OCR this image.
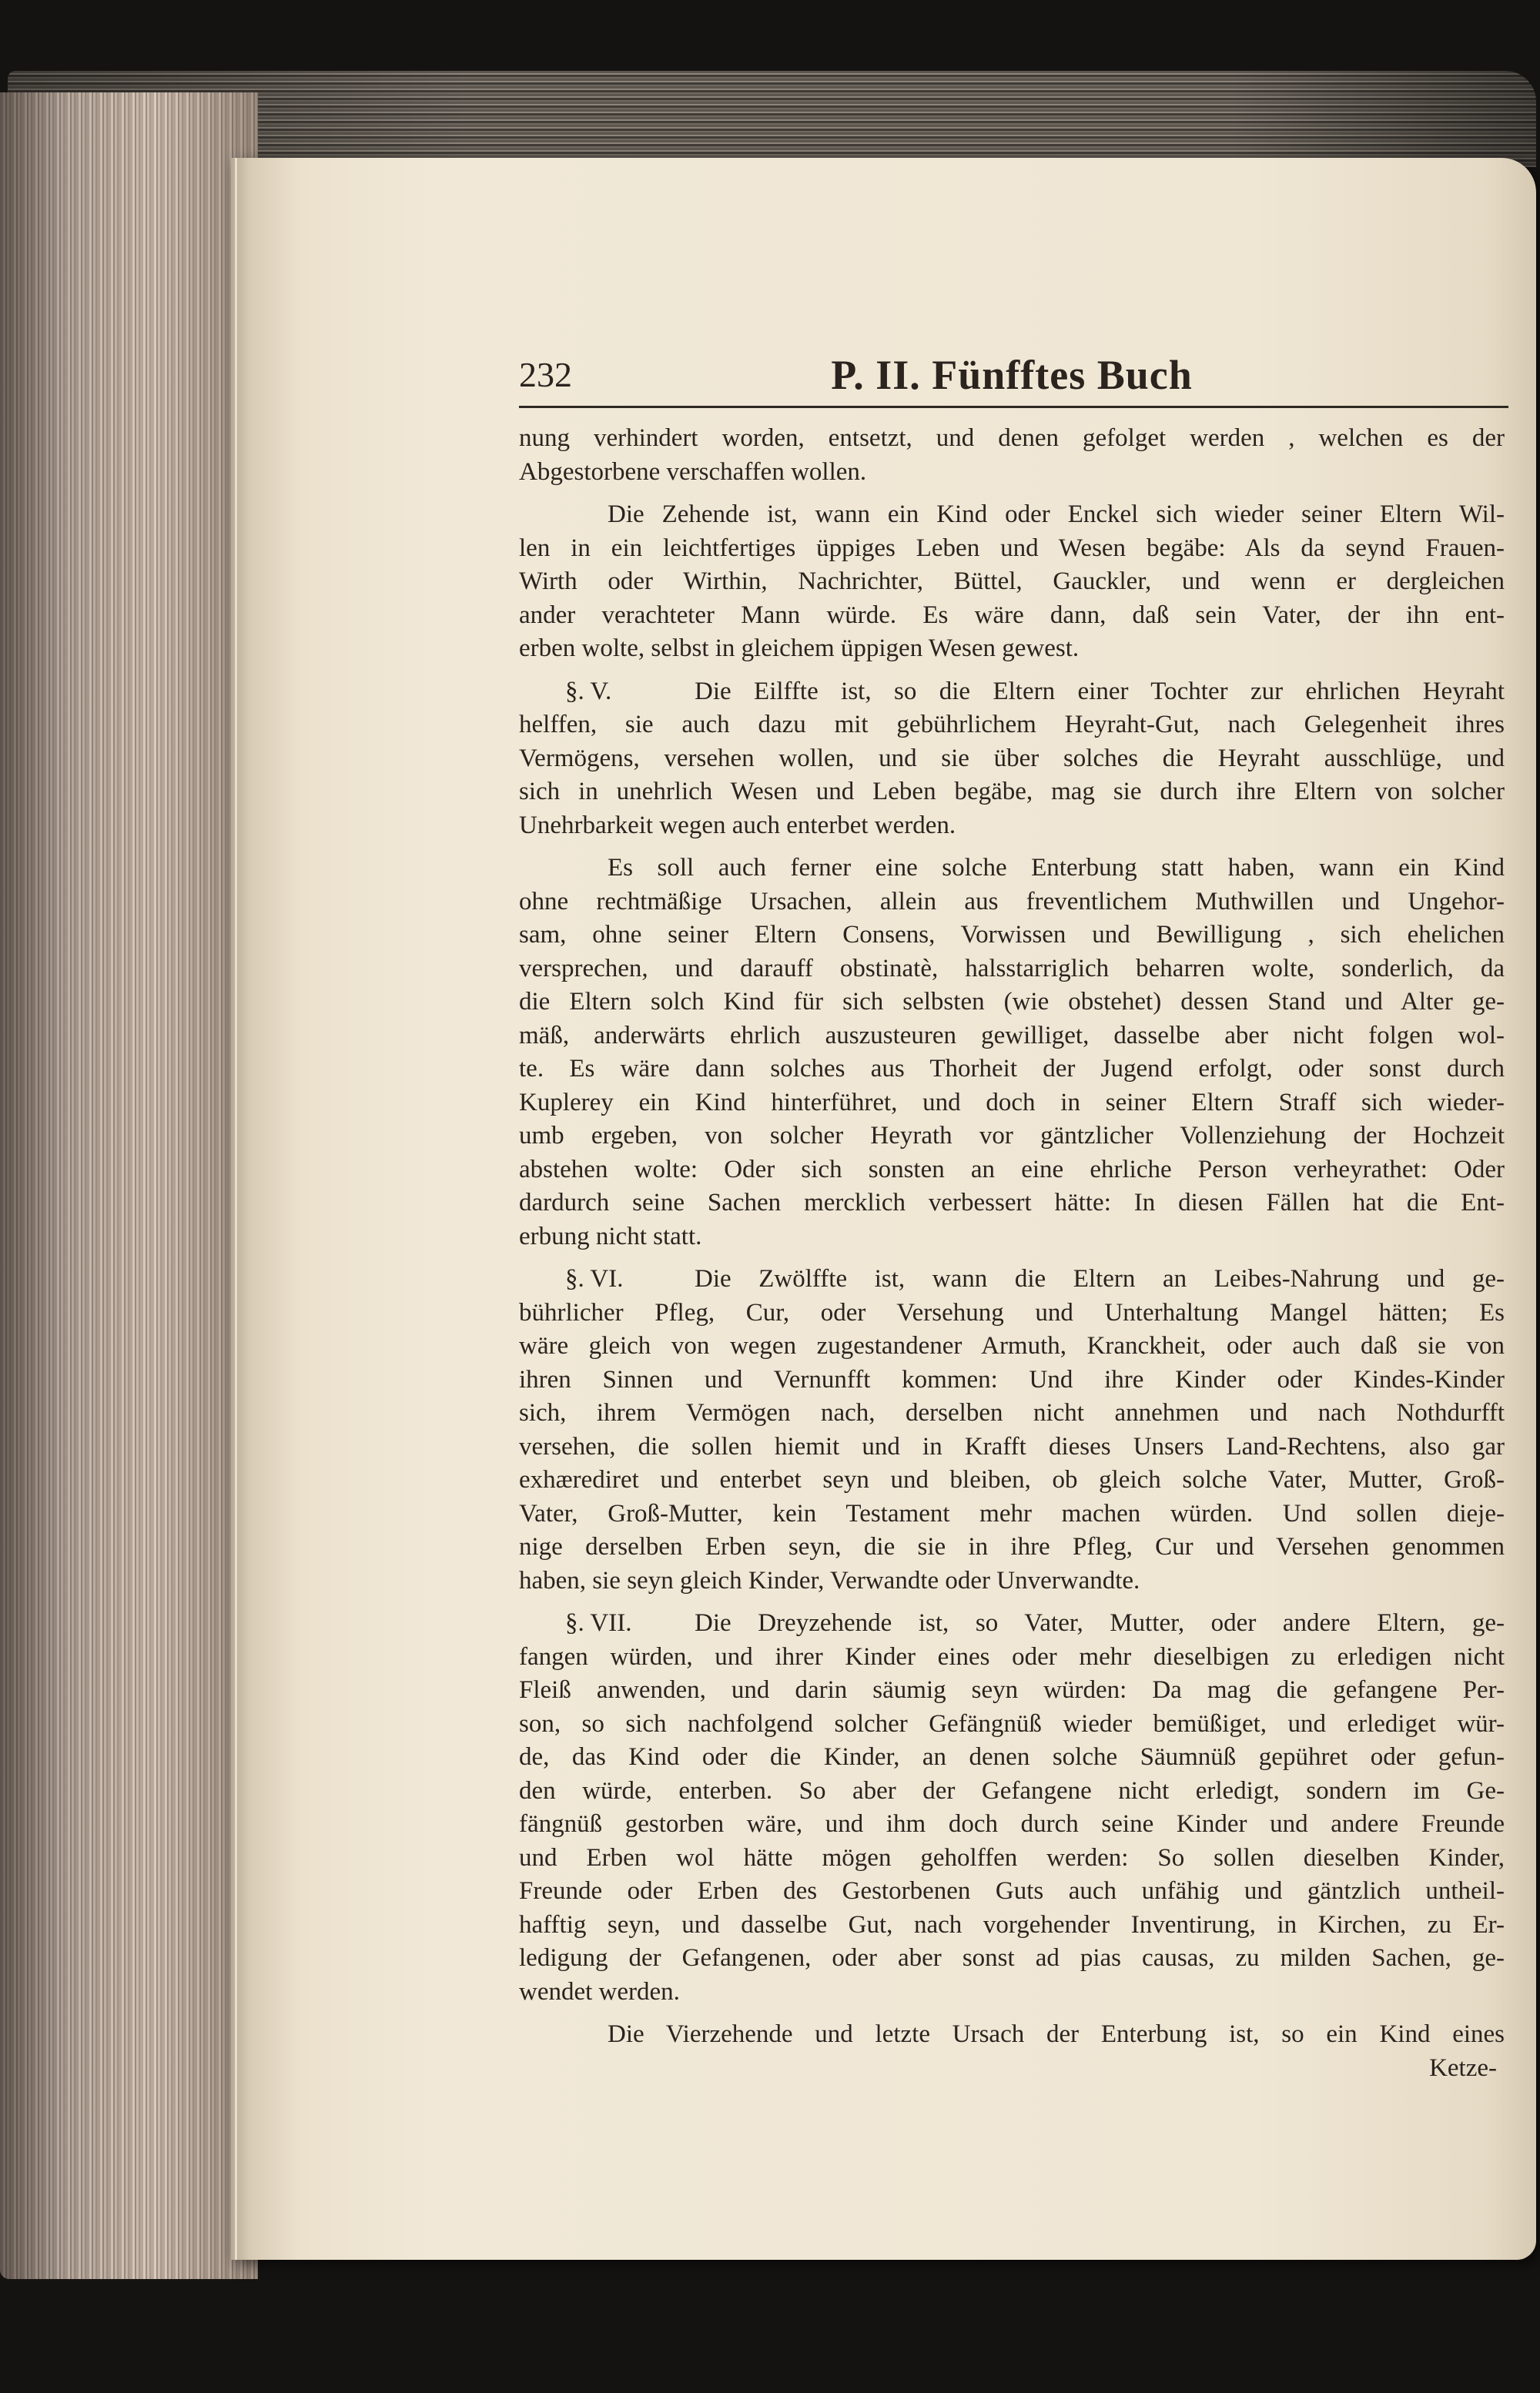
232	P. II. Fünfftes Buch
nung verhindert worden, entsetzt, und denen gefolget werden , welchen es der
Abgestorbene verschaffen wollen.
Die Zehende ist, wann ein Kind oder Enckel sich wieder seiner Eltern Wil-
len in ein leichtfertiges üppiges Leben und Wesen begäbe: Als da seynd Frauen-
Wirth oder Wirthin, Nachrichter, Büttel, Gauckler, und wenn er dergleichen
ander verachteter Mann würde. Es wäre dann, daß sein Vater, der ihn ent-
erben wolte, selbst in gleichem üppigen Wesen gewest.
§. V.	Die Eilffte ist, so die Eltern einer Tochter zur ehrlichen Heyraht
helffen, sie auch dazu mit gebührlichem Heyraht-Gut, nach Gelegenheit ihres
Vermögens, versehen wollen, und sie über solches die Heyraht ausschlüge, und
sich in unehrlich Wesen und Leben begäbe, mag sie durch ihre Eltern von solcher
Unehrbarkeit wegen auch enterbet werden.
Es soll auch ferner eine solche Enterbung statt haben, wann ein Kind
ohne rechtmäßige Ursachen, allein aus freventlichem Muthwillen und Ungehor-
sam, ohne seiner Eltern Consens, Vorwissen und Bewilligung , sich ehelichen
versprechen, und darauff obstinatè, halsstarriglich beharren wolte, sonderlich, da
die Eltern solch Kind für sich selbsten (wie obstehet) dessen Stand und Alter ge-
mäß, anderwärts ehrlich auszusteuren gewilliget, dasselbe aber nicht folgen wol-
te. Es wäre dann solches aus Thorheit der Jugend erfolgt, oder sonst durch
Kuplerey ein Kind hinterführet, und doch in seiner Eltern Straff sich wieder-
umb ergeben, von solcher Heyrath vor gäntzlicher Vollenziehung der Hochzeit
abstehen wolte: Oder sich sonsten an eine ehrliche Person verheyrathet: Oder
dardurch seine Sachen mercklich verbessert hätte: In diesen Fällen hat die Ent-
erbung nicht statt.
§. VI.	Die Zwölffte ist, wann die Eltern an Leibes-Nahrung und ge-
bührlicher Pfleg, Cur, oder Versehung und Unterhaltung Mangel hätten; Es
wäre gleich von wegen zugestandener Armuth, Kranckheit, oder auch daß sie von
ihren Sinnen und Vernunfft kommen: Und ihre Kinder oder Kindes-Kinder
sich, ihrem Vermögen nach, derselben nicht annehmen und nach Nothdurfft
versehen, die sollen hiemit und in Krafft dieses Unsers Land-Rechtens, also gar
exhærediret und enterbet seyn und bleiben, ob gleich solche Vater, Mutter, Groß-
Vater, Groß-Mutter, kein Testament mehr machen würden. Und sollen dieje-
nige derselben Erben seyn, die sie in ihre Pfleg, Cur und Versehen genommen
haben, sie seyn gleich Kinder, Verwandte oder Unverwandte.
§. VII.	Die Dreyzehende ist, so Vater, Mutter, oder andere Eltern, ge-
fangen würden, und ihrer Kinder eines oder mehr dieselbigen zu erledigen nicht
Fleiß anwenden, und darin säumig seyn würden: Da mag die gefangene Per-
son, so sich nachfolgend solcher Gefängnüß wieder bemüßiget, und erlediget wür-
de, das Kind oder die Kinder, an denen solche Säumnüß gepühret oder gefun-
den würde, enterben. So aber der Gefangene nicht erledigt, sondern im Ge-
fängnüß gestorben wäre, und ihm doch durch seine Kinder und andere Freunde
und Erben wol hätte mögen geholffen werden: So sollen dieselben Kinder,
Freunde oder Erben des Gestorbenen Guts auch unfähig und gäntzlich untheil-
hafftig seyn, und dasselbe Gut, nach vorgehender Inventirung, in Kirchen, zu Er-
ledigung der Gefangenen, oder aber sonst ad pias causas, zu milden Sachen, ge-
wendet werden.
Die Vierzehende und letzte Ursach der Enterbung ist, so ein Kind eines
Ketze-
